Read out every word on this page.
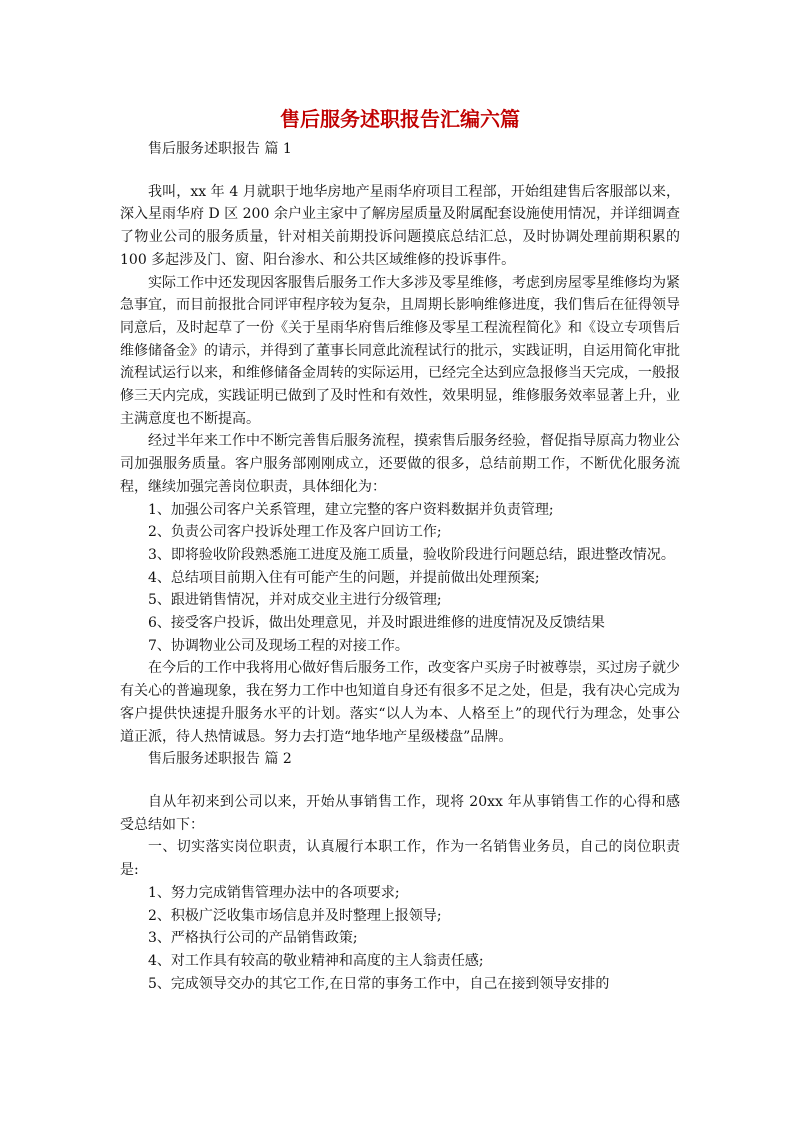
售后服务述职报告汇编六篇

售后服务述职报告 篇 1

我叫，xx 年 4 月就职于地华房地产星雨华府项目工程部，开始组建售后客服部以来，深入星雨华府 D 区 200 余户业主家中了解房屋质量及附属配套设施使用情况，并详细调查了物业公司的服务质量，针对相关前期投诉问题摸底总结汇总，及时协调处理前期积累的 100 多起涉及门、窗、阳台渗水、和公共区域维修的投诉事件。

实际工作中还发现因客服售后服务工作大多涉及零星维修，考虑到房屋零星维修均为紧急事宜，而目前报批合同评审程序较为复杂，且周期长影响维修进度，我们售后在征得领导同意后，及时起草了一份《关于星雨华府售后维修及零星工程流程简化》和《设立专项售后维修储备金》的请示，并得到了董事长同意此流程试行的批示，实践证明，自运用简化审批流程试运行以来，和维修储备金周转的实际运用，已经完全达到应急报修当天完成，一般报修三天内完成，实践证明已做到了及时性和有效性，效果明显，维修服务效率显著上升，业主满意度也不断提高。

经过半年来工作中不断完善售后服务流程，摸索售后服务经验，督促指导原高力物业公司加强服务质量。客户服务部刚刚成立，还要做的很多，总结前期工作，不断优化服务流程，继续加强完善岗位职责，具体细化为：

1、加强公司客户关系管理，建立完整的客户资料数据并负责管理;

2、负责公司客户投诉处理工作及客户回访工作;

3、即将验收阶段熟悉施工进度及施工质量，验收阶段进行问题总结，跟进整改情况。

4、总结项目前期入住有可能产生的问题，并提前做出处理预案;

5、跟进销售情况，并对成交业主进行分级管理;

6、接受客户投诉，做出处理意见，并及时跟进维修的进度情况及反馈结果

7、协调物业公司及现场工程的对接工作。

在今后的工作中我将用心做好售后服务工作，改变客户买房子时被尊崇，买过房子就少有关心的普遍现象，我在努力工作中也知道自身还有很多不足之处，但是，我有决心完成为客户提供快速提升服务水平的计划。落实“以人为本、人格至上”的现代行为理念，处事公道正派，待人热情诚恳。努力去打造“地华地产星级楼盘”品牌。

售后服务述职报告 篇 2

自从年初来到公司以来，开始从事销售工作，现将 20xx 年从事销售工作的心得和感受总结如下：

一、切实落实岗位职责，认真履行本职工作，作为一名销售业务员，自己的岗位职责是:

1、努力完成销售管理办法中的各项要求;

2、积极广泛收集市场信息并及时整理上报领导;

3、严格执行公司的产品销售政策;

4、对工作具有较高的敬业精神和高度的主人翁责任感;

5、完成领导交办的其它工作,在日常的事务工作中，自己在接到领导安排的
